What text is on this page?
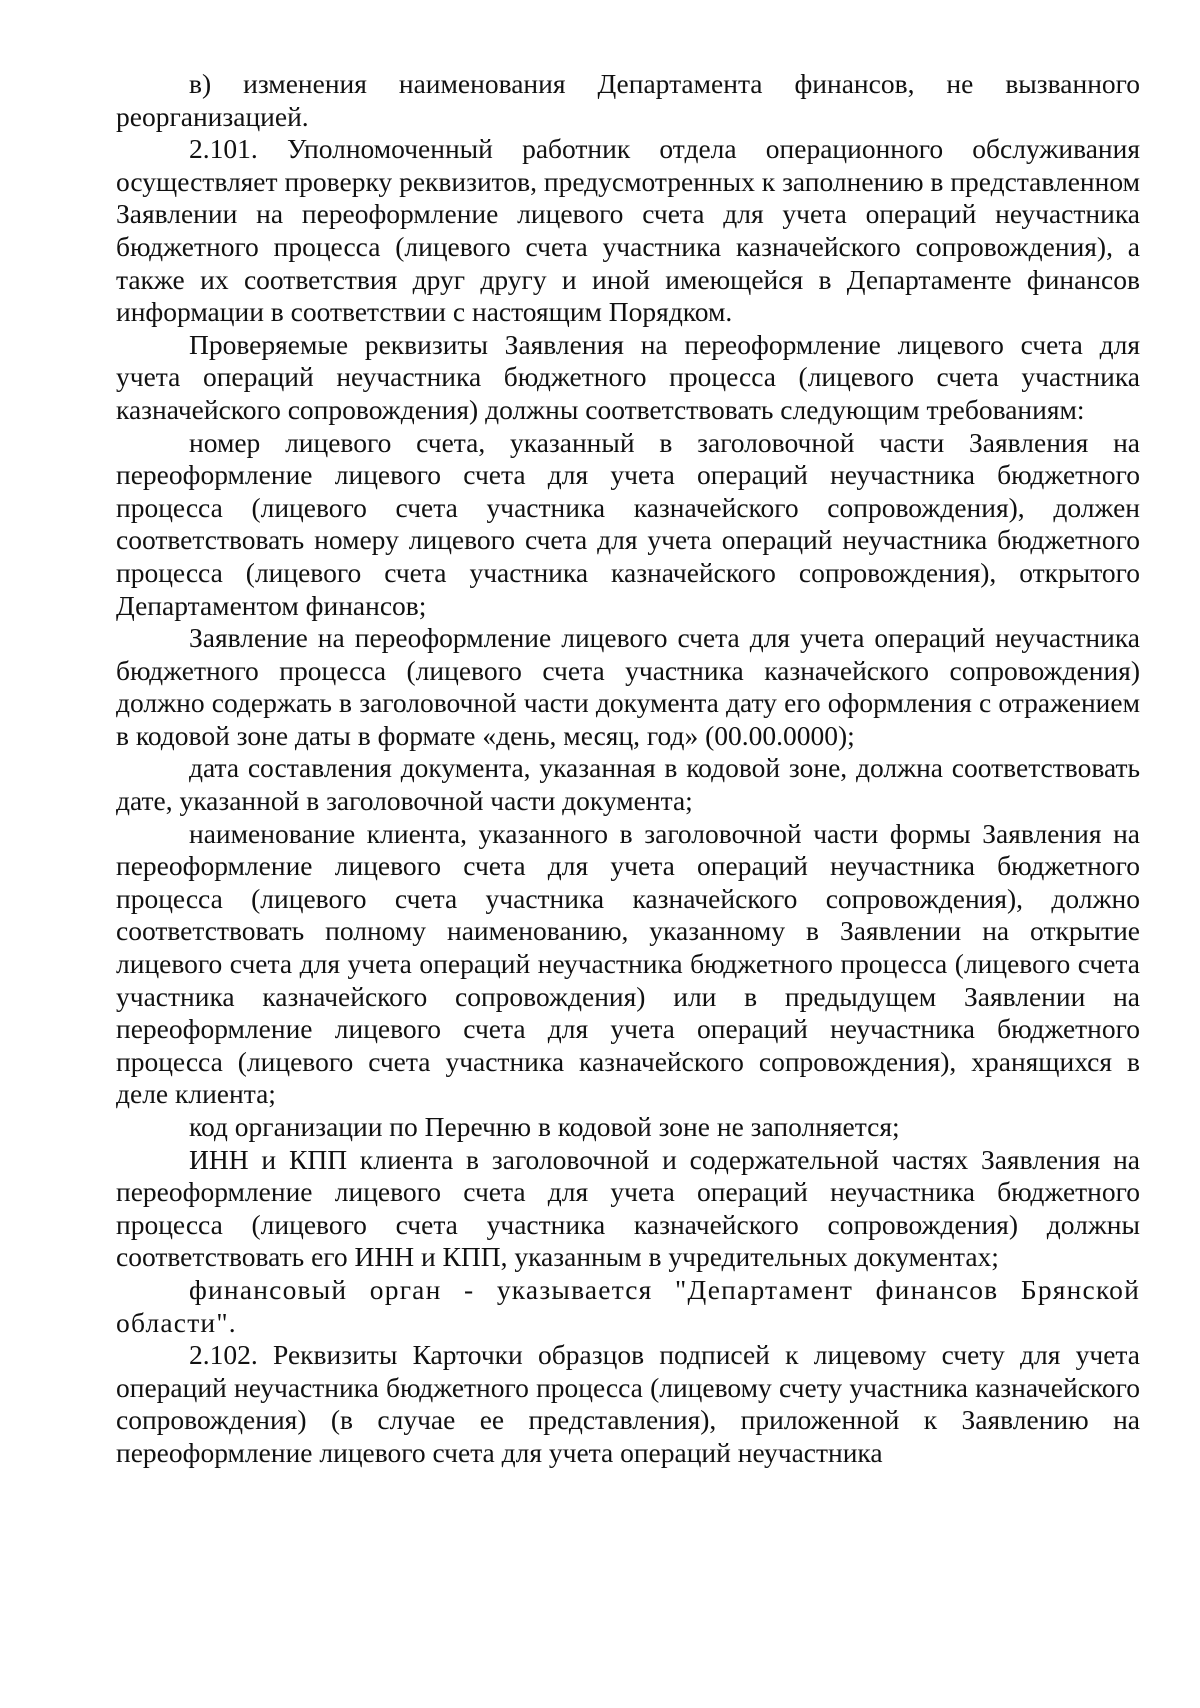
в) изменения наименования Департамента финансов, не вызванного реорганизацией.

2.101. Уполномоченный работник отдела операционного обслуживания осуществляет проверку реквизитов, предусмотренных к заполнению в представленном Заявлении на переоформление лицевого счета для учета операций неучастника бюджетного процесса (лицевого счета участника казначейского сопровождения), а также их соответствия друг другу и иной имеющейся в Департаменте финансов информации в соответствии с настоящим Порядком.

Проверяемые реквизиты Заявления на переоформление лицевого счета для учета операций неучастника бюджетного процесса (лицевого счета участника казначейского сопровождения) должны соответствовать следующим требованиям:

номер лицевого счета, указанный в заголовочной части Заявления на переоформление лицевого счета для учета операций неучастника бюджетного процесса (лицевого счета участника казначейского сопровождения), должен соответствовать номеру лицевого счета для учета операций неучастника бюджетного процесса (лицевого счета участника казначейского сопровождения), открытого Департаментом финансов;

Заявление на переоформление лицевого счета для учета операций неучастника бюджетного процесса (лицевого счета участника казначейского сопровождения) должно содержать в заголовочной части документа дату его оформления с отражением в кодовой зоне даты в формате «день, месяц, год» (00.00.0000);

дата составления документа, указанная в кодовой зоне, должна соответствовать дате, указанной в заголовочной части документа;

наименование клиента, указанного в заголовочной части формы Заявления на переоформление лицевого счета для учета операций неучастника бюджетного процесса (лицевого счета участника казначейского сопровождения), должно соответствовать полному наименованию, указанному в Заявлении на открытие лицевого счета для учета операций неучастника бюджетного процесса (лицевого счета участника казначейского сопровождения) или в предыдущем Заявлении на переоформление лицевого счета для учета операций неучастника бюджетного процесса (лицевого счета участника казначейского сопровождения), хранящихся в деле клиента;

код организации по Перечню в кодовой зоне не заполняется;

ИНН и КПП клиента в заголовочной и содержательной частях Заявления на переоформление лицевого счета для учета операций неучастника бюджетного процесса (лицевого счета участника казначейского сопровождения) должны соответствовать его ИНН и КПП, указанным в учредительных документах;

финансовый орган - указывается "Департамент финансов Брянской области".

2.102. Реквизиты Карточки образцов подписей к лицевому счету для учета операций неучастника бюджетного процесса (лицевому счету участника казначейского сопровождения) (в случае ее представления), приложенной к Заявлению на переоформление лицевого счета для учета операций неучастника
